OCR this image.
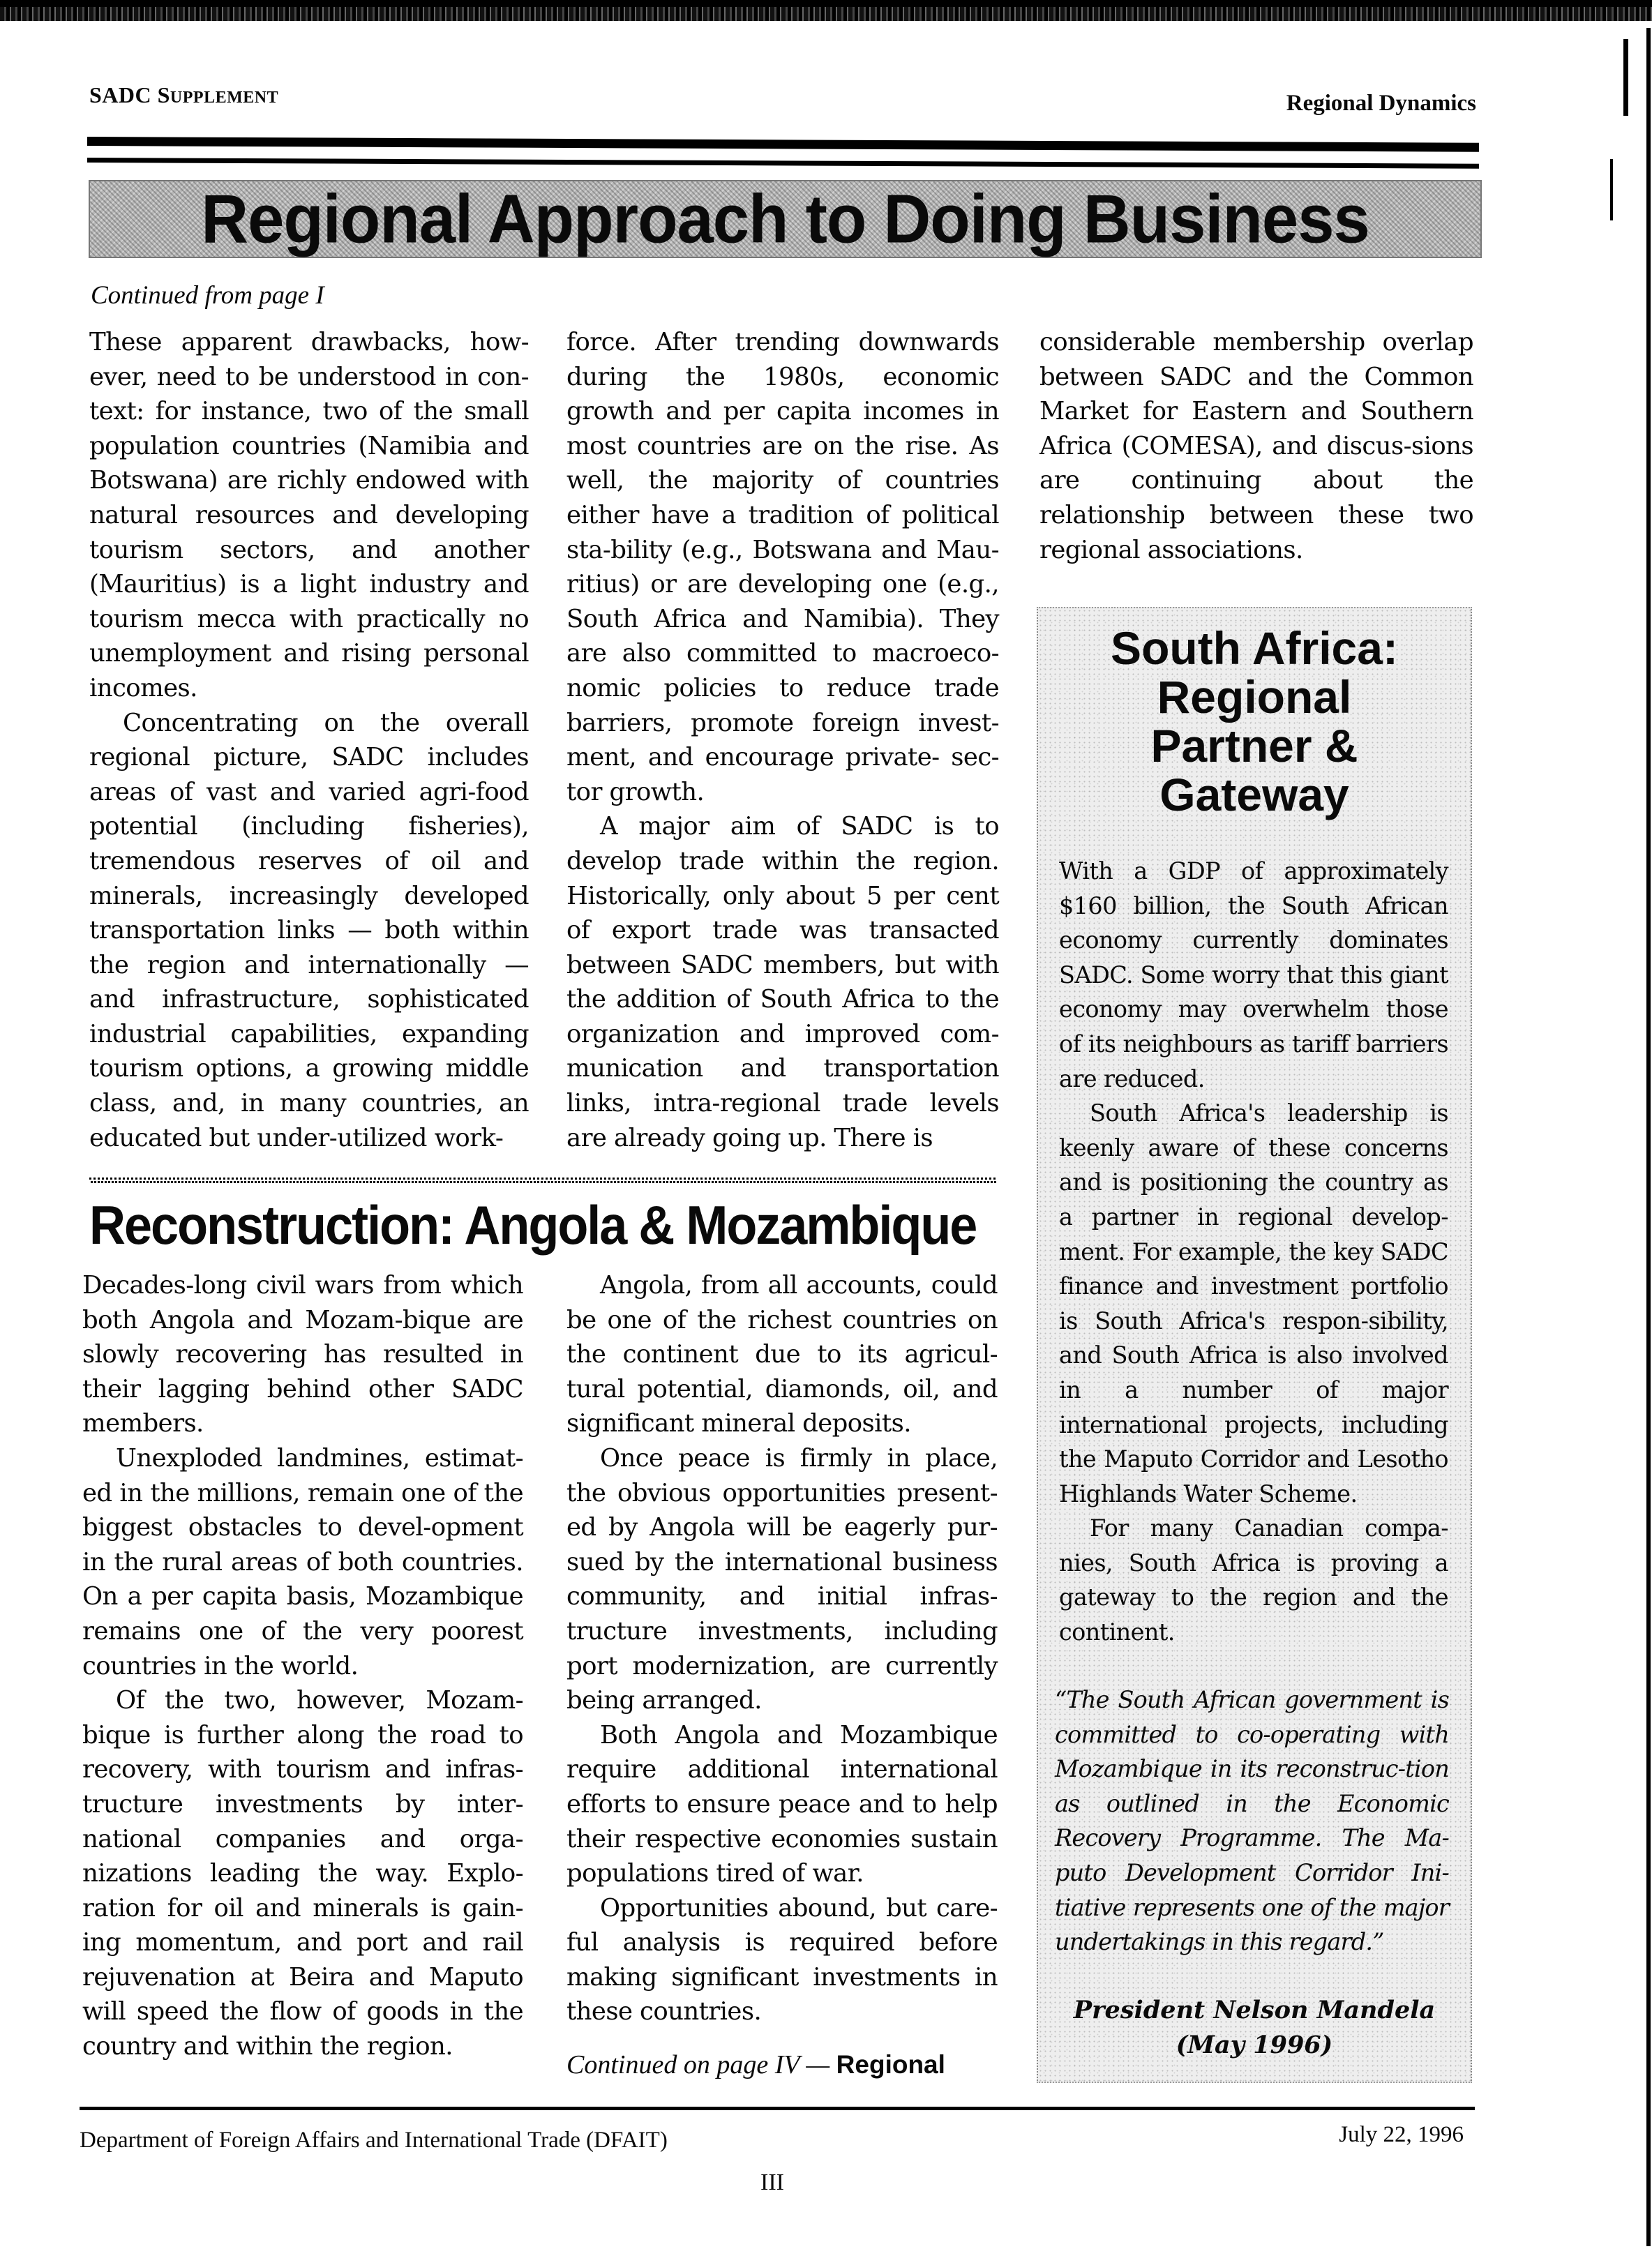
SADC SUPPLEMENT	Regional Dynamics
Regional Approach to Doing Business
Continued from page I

These apparent drawbacks, how-ever, need to be understood in con-text: for instance, two of the small population countries (Namibia and Botswana) are richly endowed with natural resources and developing tourism sectors, and another (Mauritius) is a light industry and tourism mecca with practically no unemployment and rising personal incomes.

Concentrating on the overall regional picture, SADC includes areas of vast and varied agri-food potential (including fisheries), tremendous reserves of oil and minerals, increasingly developed transportation links — both within the region and internationally — and infrastructure, sophisticated industrial capabilities, expanding tourism options, a growing middle class, and, in many countries, an educated but under-utilized work-

force. After trending downwards during the 1980s, economic growth and per capita incomes in most countries are on the rise. As well, the majority of countries either have a tradition of political sta-bility (e.g., Botswana and Mau-ritius) or are developing one (e.g., South Africa and Namibia). They are also committed to macroeco-nomic policies to reduce trade barriers, promote foreign invest-ment, and encourage private- sec-tor growth.

A major aim of SADC is to develop trade within the region. Historically, only about 5 per cent of export trade was transacted between SADC members, but with the addition of South Africa to the organization and improved com-munication and transportation links, intra-regional trade levels are already going up. There is

considerable membership overlap between SADC and the Common Market for Eastern and Southern Africa (COMESA), and discus-sions are continuing about the relationship between these two regional associations.

Reconstruction: Angola & Mozambique

Decades-long civil wars from which both Angola and Mozam-bique are slowly recovering has resulted in their lagging behind other SADC members.

Unexploded landmines, estimat-ed in the millions, remain one of the biggest obstacles to devel-opment in the rural areas of both countries. On a per capita basis, Mozambique remains one of the very poorest countries in the world.

Of the two, however, Mozam-bique is further along the road to recovery, with tourism and infras-tructure investments by inter-national companies and orga-nizations leading the way. Explo-ration for oil and minerals is gain-ing momentum, and port and rail rejuvenation at Beira and Maputo will speed the flow of goods in the country and within the region.

Angola, from all accounts, could be one of the richest countries on the continent due to its agricul-tural potential, diamonds, oil, and significant mineral deposits.

Once peace is firmly in place, the obvious opportunities present-ed by Angola will be eagerly pur-sued by the international business community, and initial infras-tructure investments, including port modernization, are currently being arranged.

Both Angola and Mozambique require additional international efforts to ensure peace and to help their respective economies sustain populations tired of war.

Opportunities abound, but care-ful analysis is required before making significant investments in these countries.

Continued on page IV — Regional
South Africa:
Regional
Partner &
Gateway

With a GDP of approximately $160 billion, the South African economy currently dominates SADC. Some worry that this giant economy may overwhelm those of its neighbours as tariff barriers are reduced.

South Africa's leadership is keenly aware of these concerns and is positioning the country as a partner in regional develop-ment. For example, the key SADC finance and investment portfolio is South Africa's respon-sibility, and South Africa is also involved in a number of major international projects, including the Maputo Corridor and Lesotho Highlands Water Scheme.

For many Canadian compa-nies, South Africa is proving a gateway to the region and the continent.

“The South African government is committed to co-operating with Mozambique in its reconstruc-tion as outlined in the Economic Recovery Programme. The Ma-puto Development Corridor Ini-tiative represents one of the major undertakings in this regard.”
President Nelson Mandela
(May 1996)
Department of Foreign Affairs and International Trade (DFAIT)	July 22, 1996
III
